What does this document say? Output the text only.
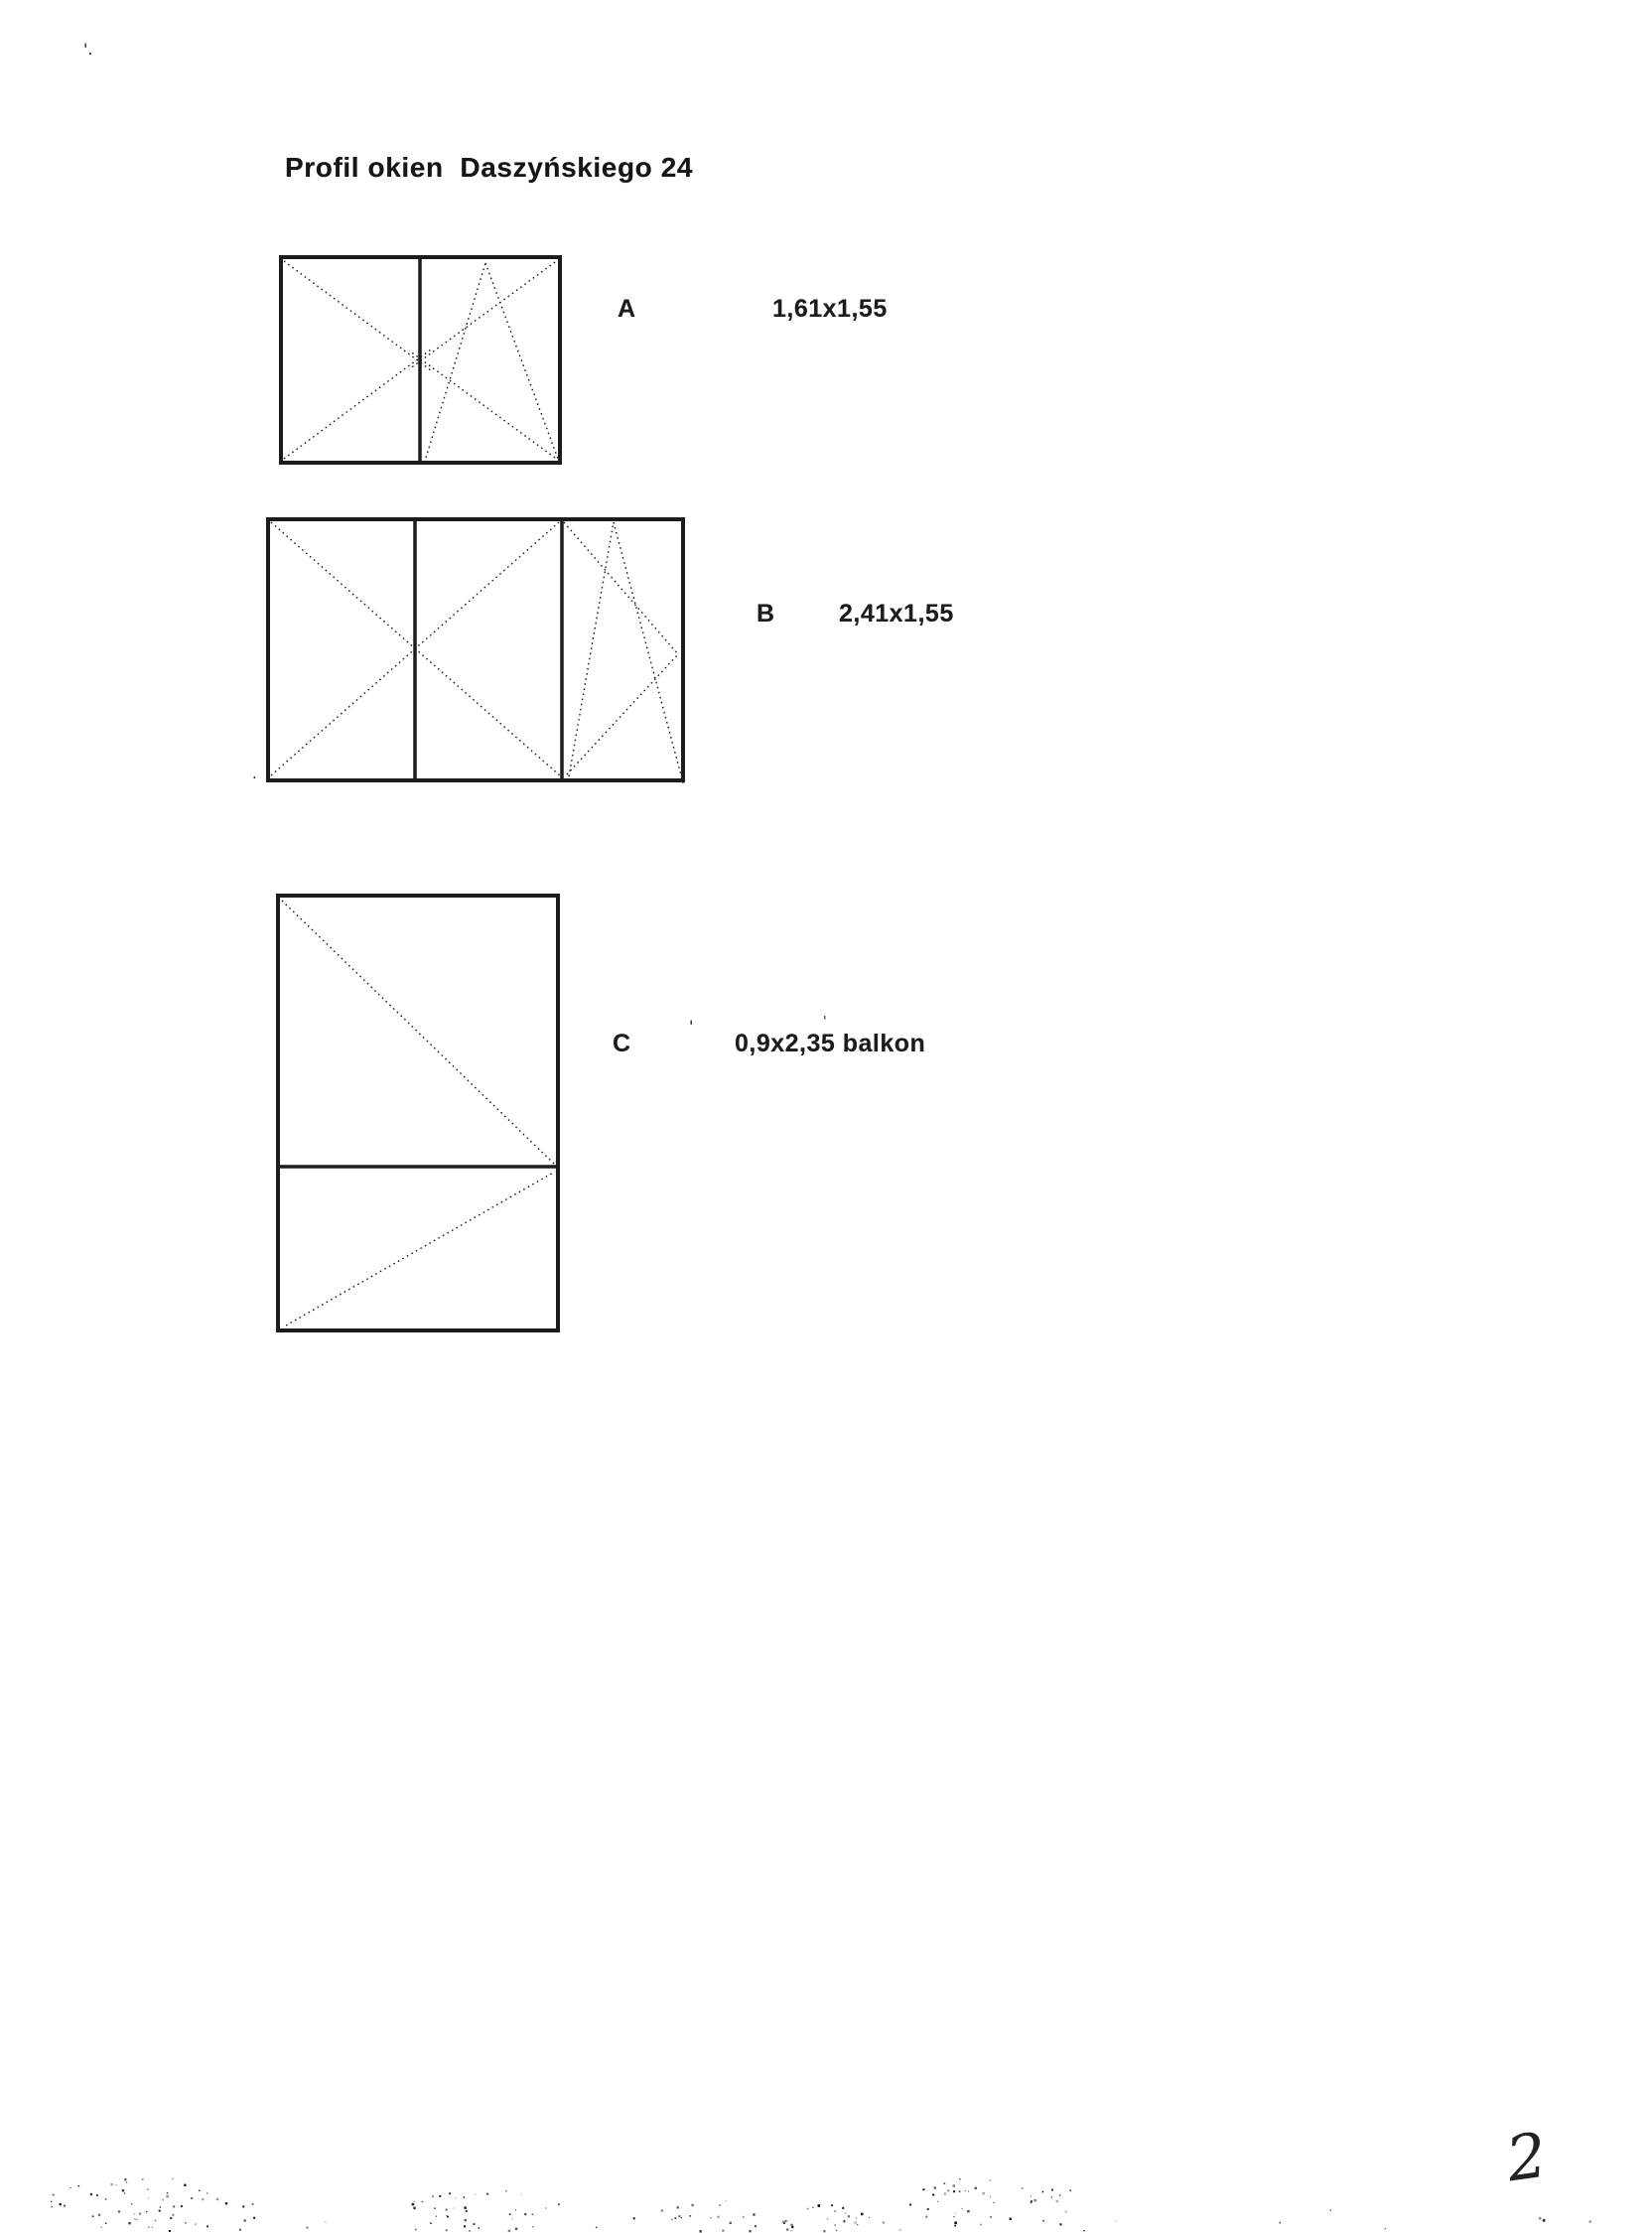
Profil okien  Daszyńskiego 24
A	1,61x1,55
B	2,41x1,55
C	0,9x2,35 balkon
2
'.
'	'
.
